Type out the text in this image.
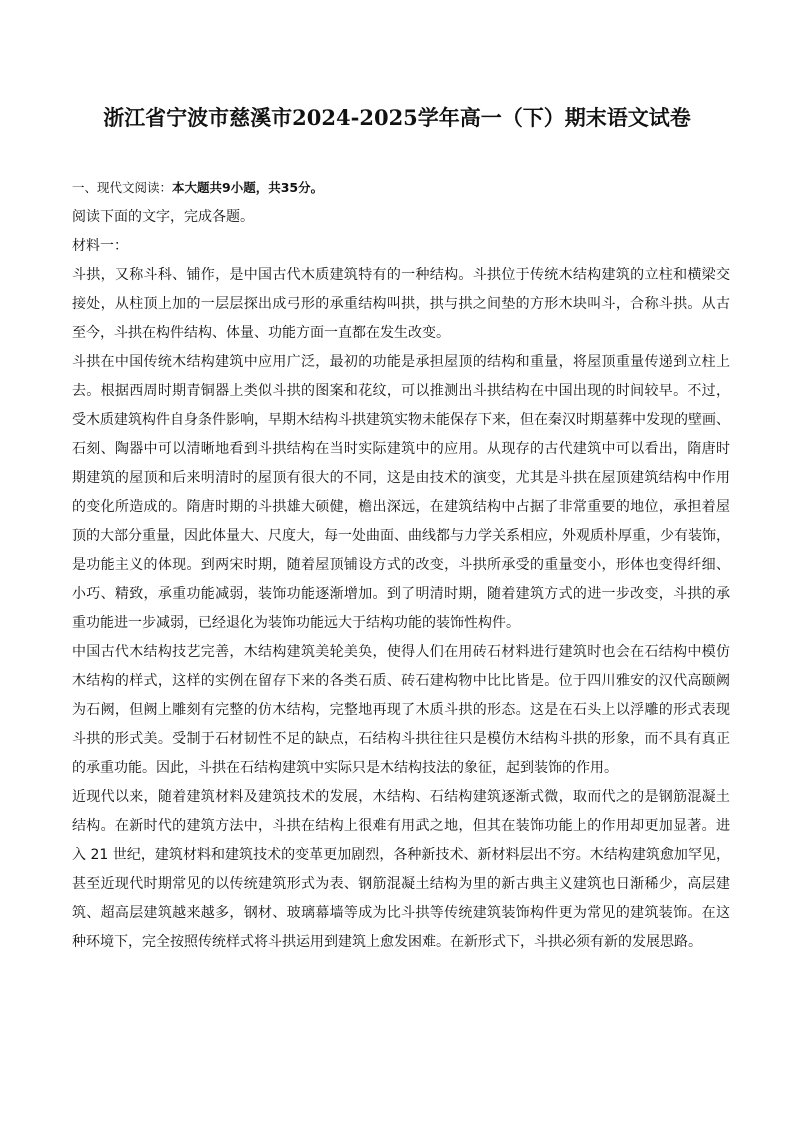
浙江省宁波市慈溪市2024-2025学年高一（下）期末语文试卷
一、现代文阅读：本大题共9小题，共35分。
阅读下面的文字，完成各题。
材料一：
斗拱，又称斗科、铺作，是中国古代木质建筑特有的一种结构。斗拱位于传统木结构建筑的立柱和横梁交
接处，从柱顶上加的一层层探出成弓形的承重结构叫拱，拱与拱之间垫的方形木块叫斗，合称斗拱。从古
至今，斗拱在构件结构、体量、功能方面一直都在发生改变。
斗拱在中国传统木结构建筑中应用广泛，最初的功能是承担屋顶的结构和重量，将屋顶重量传递到立柱上
去。根据西周时期青铜器上类似斗拱的图案和花纹，可以推测出斗拱结构在中国出现的时间较早。不过，
受木质建筑构件自身条件影响，早期木结构斗拱建筑实物未能保存下来，但在秦汉时期墓葬中发现的壁画、
石刻、陶器中可以清晰地看到斗拱结构在当时实际建筑中的应用。从现存的古代建筑中可以看出，隋唐时
期建筑的屋顶和后来明清时的屋顶有很大的不同，这是由技术的演变，尤其是斗拱在屋顶建筑结构中作用
的变化所造成的。隋唐时期的斗拱雄大硕健，檐出深远，在建筑结构中占据了非常重要的地位，承担着屋
顶的大部分重量，因此体量大、尺度大，每一处曲面、曲线都与力学关系相应，外观质朴厚重，少有装饰，
是功能主义的体现。到两宋时期，随着屋顶铺设方式的改变，斗拱所承受的重量变小，形体也变得纤细、
小巧、精致，承重功能减弱，装饰功能逐渐增加。到了明清时期，随着建筑方式的进一步改变，斗拱的承
重功能进一步减弱，已经退化为装饰功能远大于结构功能的装饰性构件。
中国古代木结构技艺完善，木结构建筑美轮美奂，使得人们在用砖石材料进行建筑时也会在石结构中模仿
木结构的样式，这样的实例在留存下来的各类石质、砖石建构物中比比皆是。位于四川雅安的汉代高颐阙
为石阙，但阙上雕刻有完整的仿木结构，完整地再现了木质斗拱的形态。这是在石头上以浮雕的形式表现
斗拱的形式美。受制于石材韧性不足的缺点，石结构斗拱往往只是模仿木结构斗拱的形象，而不具有真正
的承重功能。因此，斗拱在石结构建筑中实际只是木结构技法的象征，起到装饰的作用。
近现代以来，随着建筑材料及建筑技术的发展，木结构、石结构建筑逐渐式微，取而代之的是钢筋混凝土
结构。在新时代的建筑方法中，斗拱在结构上很难有用武之地，但其在装饰功能上的作用却更加显著。进
入 21 世纪，建筑材料和建筑技术的变革更加剧烈，各种新技术、新材料层出不穷。木结构建筑愈加罕见，
甚至近现代时期常见的以传统建筑形式为表、钢筋混凝土结构为里的新古典主义建筑也日渐稀少，高层建
筑、超高层建筑越来越多，钢材、玻璃幕墙等成为比斗拱等传统建筑装饰构件更为常见的建筑装饰。在这
种环境下，完全按照传统样式将斗拱运用到建筑上愈发困难。在新形式下，斗拱必须有新的发展思路。
